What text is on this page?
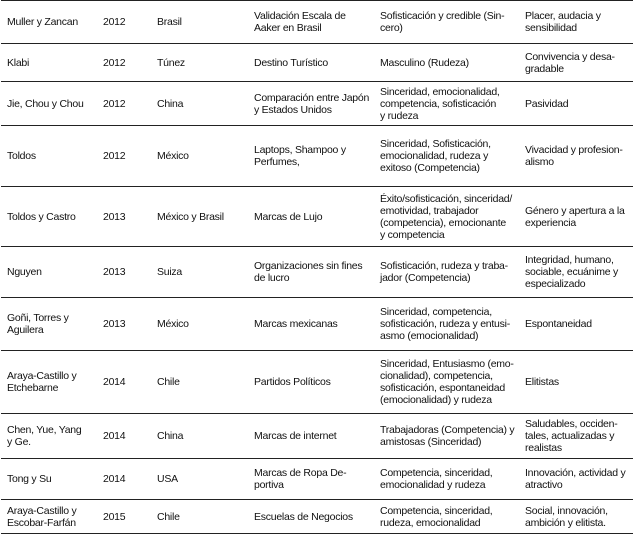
Muller y Zancan	2012	Brasil	Validación Escala de
Aaker en Brasil	Sofisticación y credible (Sin-
cero)	Placer, audacia y
sensibilidad
Klabi	2012	Túnez	Destino Turístico	Masculino (Rudeza)	Convivencia y desa-
gradable
Jie, Chou y Chou	2012	China	Comparación entre Japón
y Estados Unidos	Sinceridad, emocionalidad,
competencia, sofisticación
y rudeza	Pasividad
Toldos	2012	México	Laptops, Shampoo y
Perfumes,	Sinceridad, Sofisticación,
emocionalidad, rudeza y
exitoso (Competencia)	Vivacidad y profesion-
alismo
Toldos y Castro	2013	México y Brasil	Marcas de Lujo	Éxito/sofisticación, sinceridad/
emotividad, trabajador
(competencia), emocionante
y competencia	Género y apertura a la
experiencia
Nguyen	2013	Suiza	Organizaciones sin fines
de lucro	Sofisticación, rudeza y traba-
jador (Competencia)	Integridad, humano,
sociable, ecuánime y
especializado
Goñi, Torres y
Aguilera	2013	México	Marcas mexicanas	Sinceridad, competencia,
sofisticación, rudeza y entusi-
asmo (emocionalidad)	Espontaneidad
Araya-Castillo y
Etchebarne	2014	Chile	Partidos Políticos	Sinceridad, Entusiasmo (emo-
cionalidad), competencia,
sofisticación, espontaneidad
(emocionalidad) y rudeza	Elitistas
Chen, Yue, Yang
y Ge.	2014	China	Marcas de internet	Trabajadoras (Competencia) y
amistosas (Sinceridad)	Saludables, occiden-
tales, actualizadas y
realistas
Tong y Su	2014	USA	Marcas de Ropa De-
portiva	Competencia, sinceridad,
emocionalidad y rudeza	Innovación, actividad y
atractivo
Araya-Castillo y
Escobar-Farfán	2015	Chile	Escuelas de Negocios	Competencia, sinceridad,
rudeza, emocionalidad	Social, innovación,
ambición y elitista.
